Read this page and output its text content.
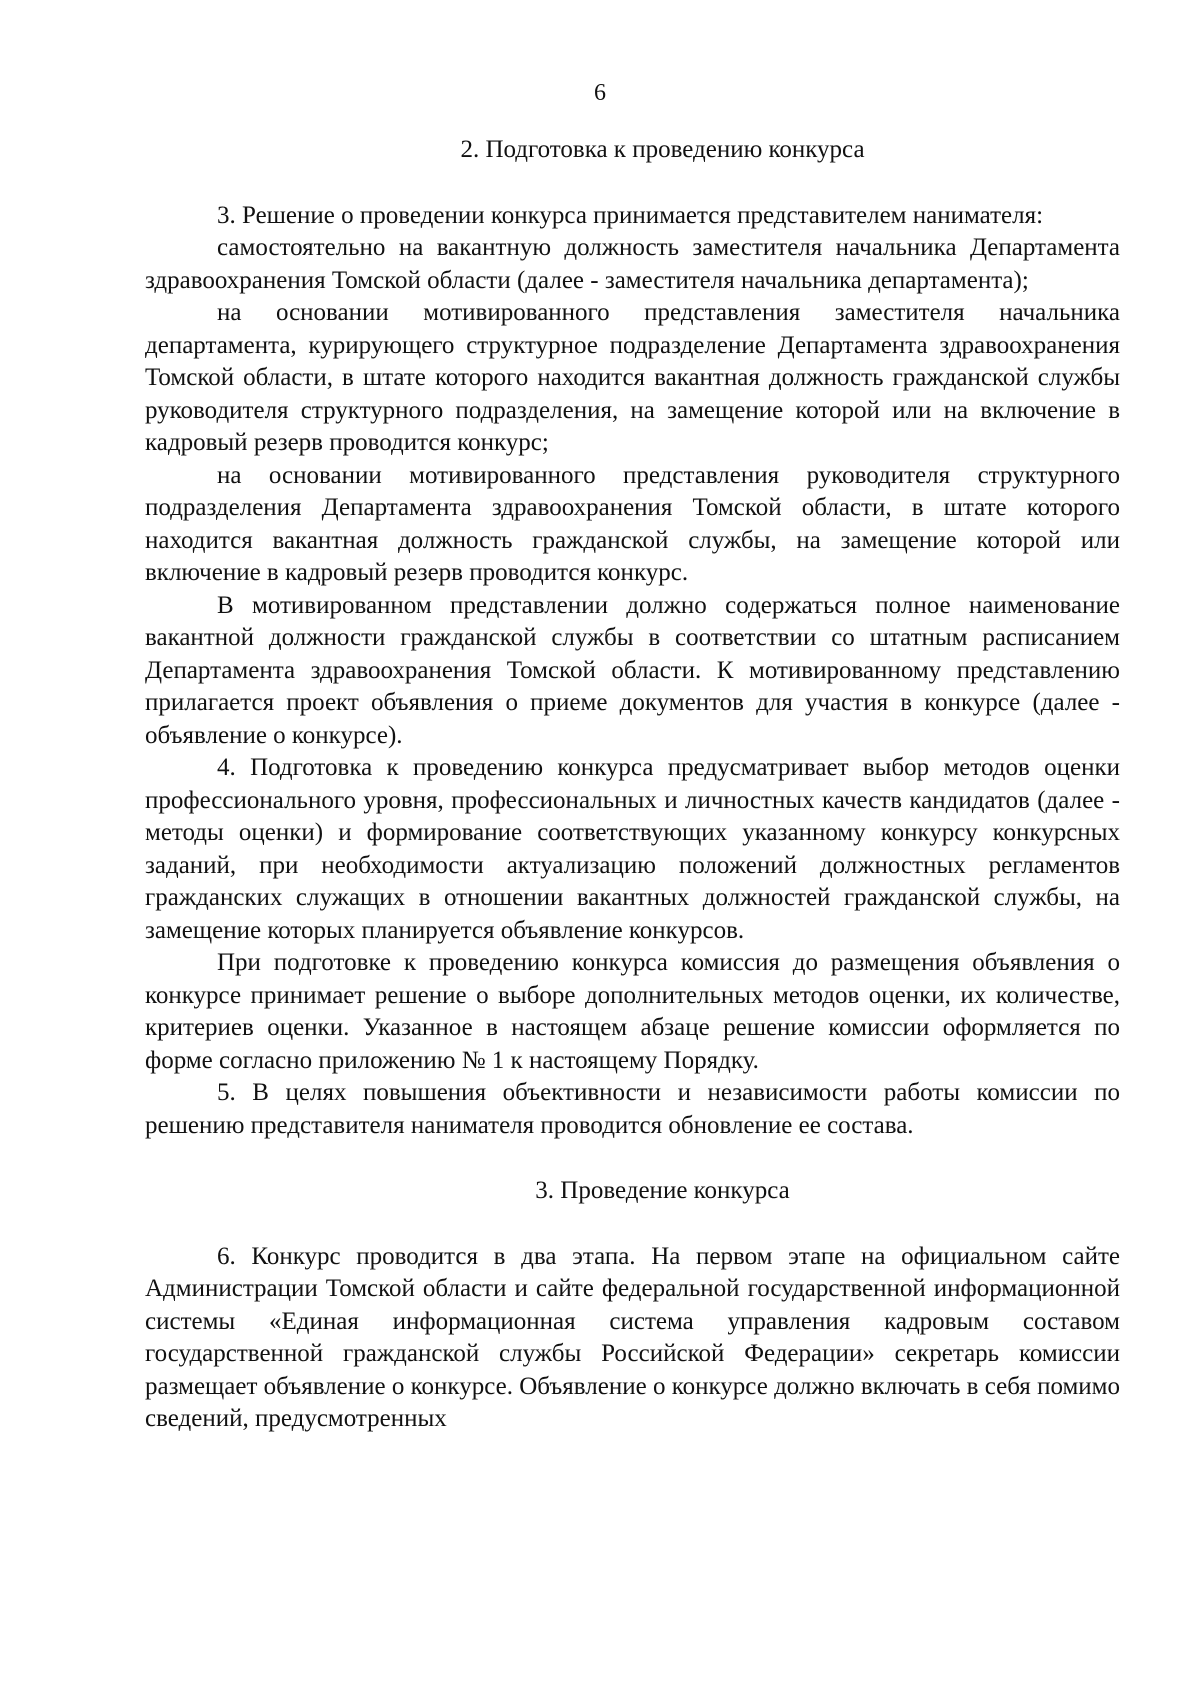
6
2. Подготовка к проведению конкурса

3. Решение о проведении конкурса принимается представителем нанимателя:

самостоятельно на вакантную должность заместителя начальника Департамента здравоохранения Томской области (далее - заместителя начальника департамента);

на основании мотивированного представления заместителя начальника департамента, курирующего структурное подразделение Департамента здравоохранения Томской области, в штате которого находится вакантная должность гражданской службы руководителя структурного подразделения, на замещение которой или на включение в кадровый резерв проводится конкурс;

на основании мотивированного представления руководителя структурного подразделения Департамента здравоохранения Томской области, в штате которого находится вакантная должность гражданской службы, на замещение которой или включение в кадровый резерв проводится конкурс.

В мотивированном представлении должно содержаться полное наименование вакантной должности гражданской службы в соответствии со штатным расписанием Департамента здравоохранения Томской области. К мотивированному представлению прилагается проект объявления о приеме документов для участия в конкурсе (далее - объявление о конкурсе).

4. Подготовка к проведению конкурса предусматривает выбор методов оценки профессионального уровня, профессиональных и личностных качеств кандидатов (далее - методы оценки) и формирование соответствующих указанному конкурсу конкурсных заданий, при необходимости актуализацию положений должностных регламентов гражданских служащих в отношении вакантных должностей гражданской службы, на замещение которых планируется объявление конкурсов.

При подготовке к проведению конкурса комиссия до размещения объявления о конкурсе принимает решение о выборе дополнительных методов оценки, их количестве, критериев оценки. Указанное в настоящем абзаце решение комиссии оформляется по форме согласно приложению № 1 к настоящему Порядку.

5. В целях повышения объективности и независимости работы комиссии по решению представителя нанимателя проводится обновление ее состава.

3. Проведение конкурса

6. Конкурс проводится в два этапа. На первом этапе на официальном сайте Администрации Томской области и сайте федеральной государственной информационной системы «Единая информационная система управления кадровым составом государственной гражданской службы Российской Федерации» секретарь комиссии размещает объявление о конкурсе. Объявление о конкурсе должно включать в себя помимо сведений, предусмотренных
